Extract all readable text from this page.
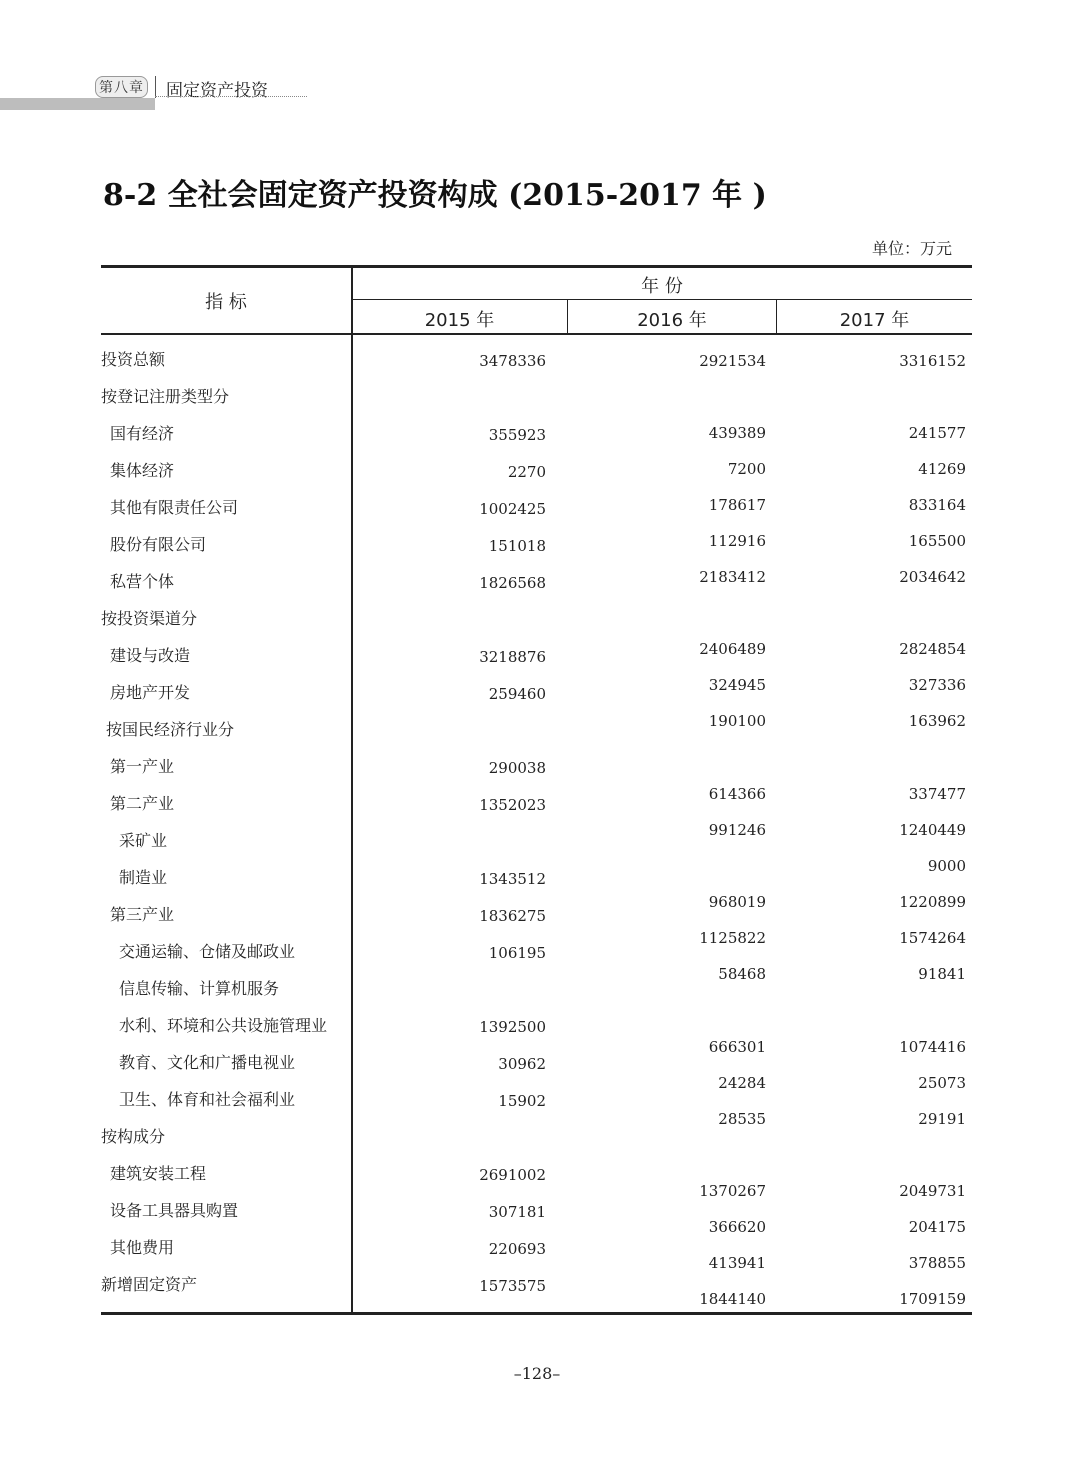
第八章 固定资产投资
8-2 全社会固定资产投资构成 (2015-2017 年 )
单位：万元
指 标
年 份
2015 年	2016 年	2017 年
投资总额
按登记注册类型分
国有经济
集体经济
其他有限责任公司
股份有限公司
私营个体
按投资渠道分
建设与改造
房地产开发
按国民经济行业分
第一产业
第二产业
采矿业
制造业
第三产业
交通运输、仓储及邮政业
信息传输、计算机服务
水利、环境和公共设施管理业
教育、文化和广播电视业
卫生、体育和社会福利业
按构成分
建筑安装工程
设备工具器具购置
其他费用
新增固定资产
3478336
355923
2270
1002425
151018
1826568
3218876
259460
290038
1352023
1343512
1836275
106195
1392500
30962
15902
2691002
307181
220693
1573575
2921534
439389
7200
178617
112916
2183412
2406489
324945
190100
614366
991246
968019
1125822
58468
666301
24284
28535
1370267
366620
413941
1844140
3316152
241577
41269
833164
165500
2034642
2824854
327336
163962
337477
1240449
9000
1220899
1574264
91841
1074416
25073
29191
2049731
204175
378855
1709159
–128–
